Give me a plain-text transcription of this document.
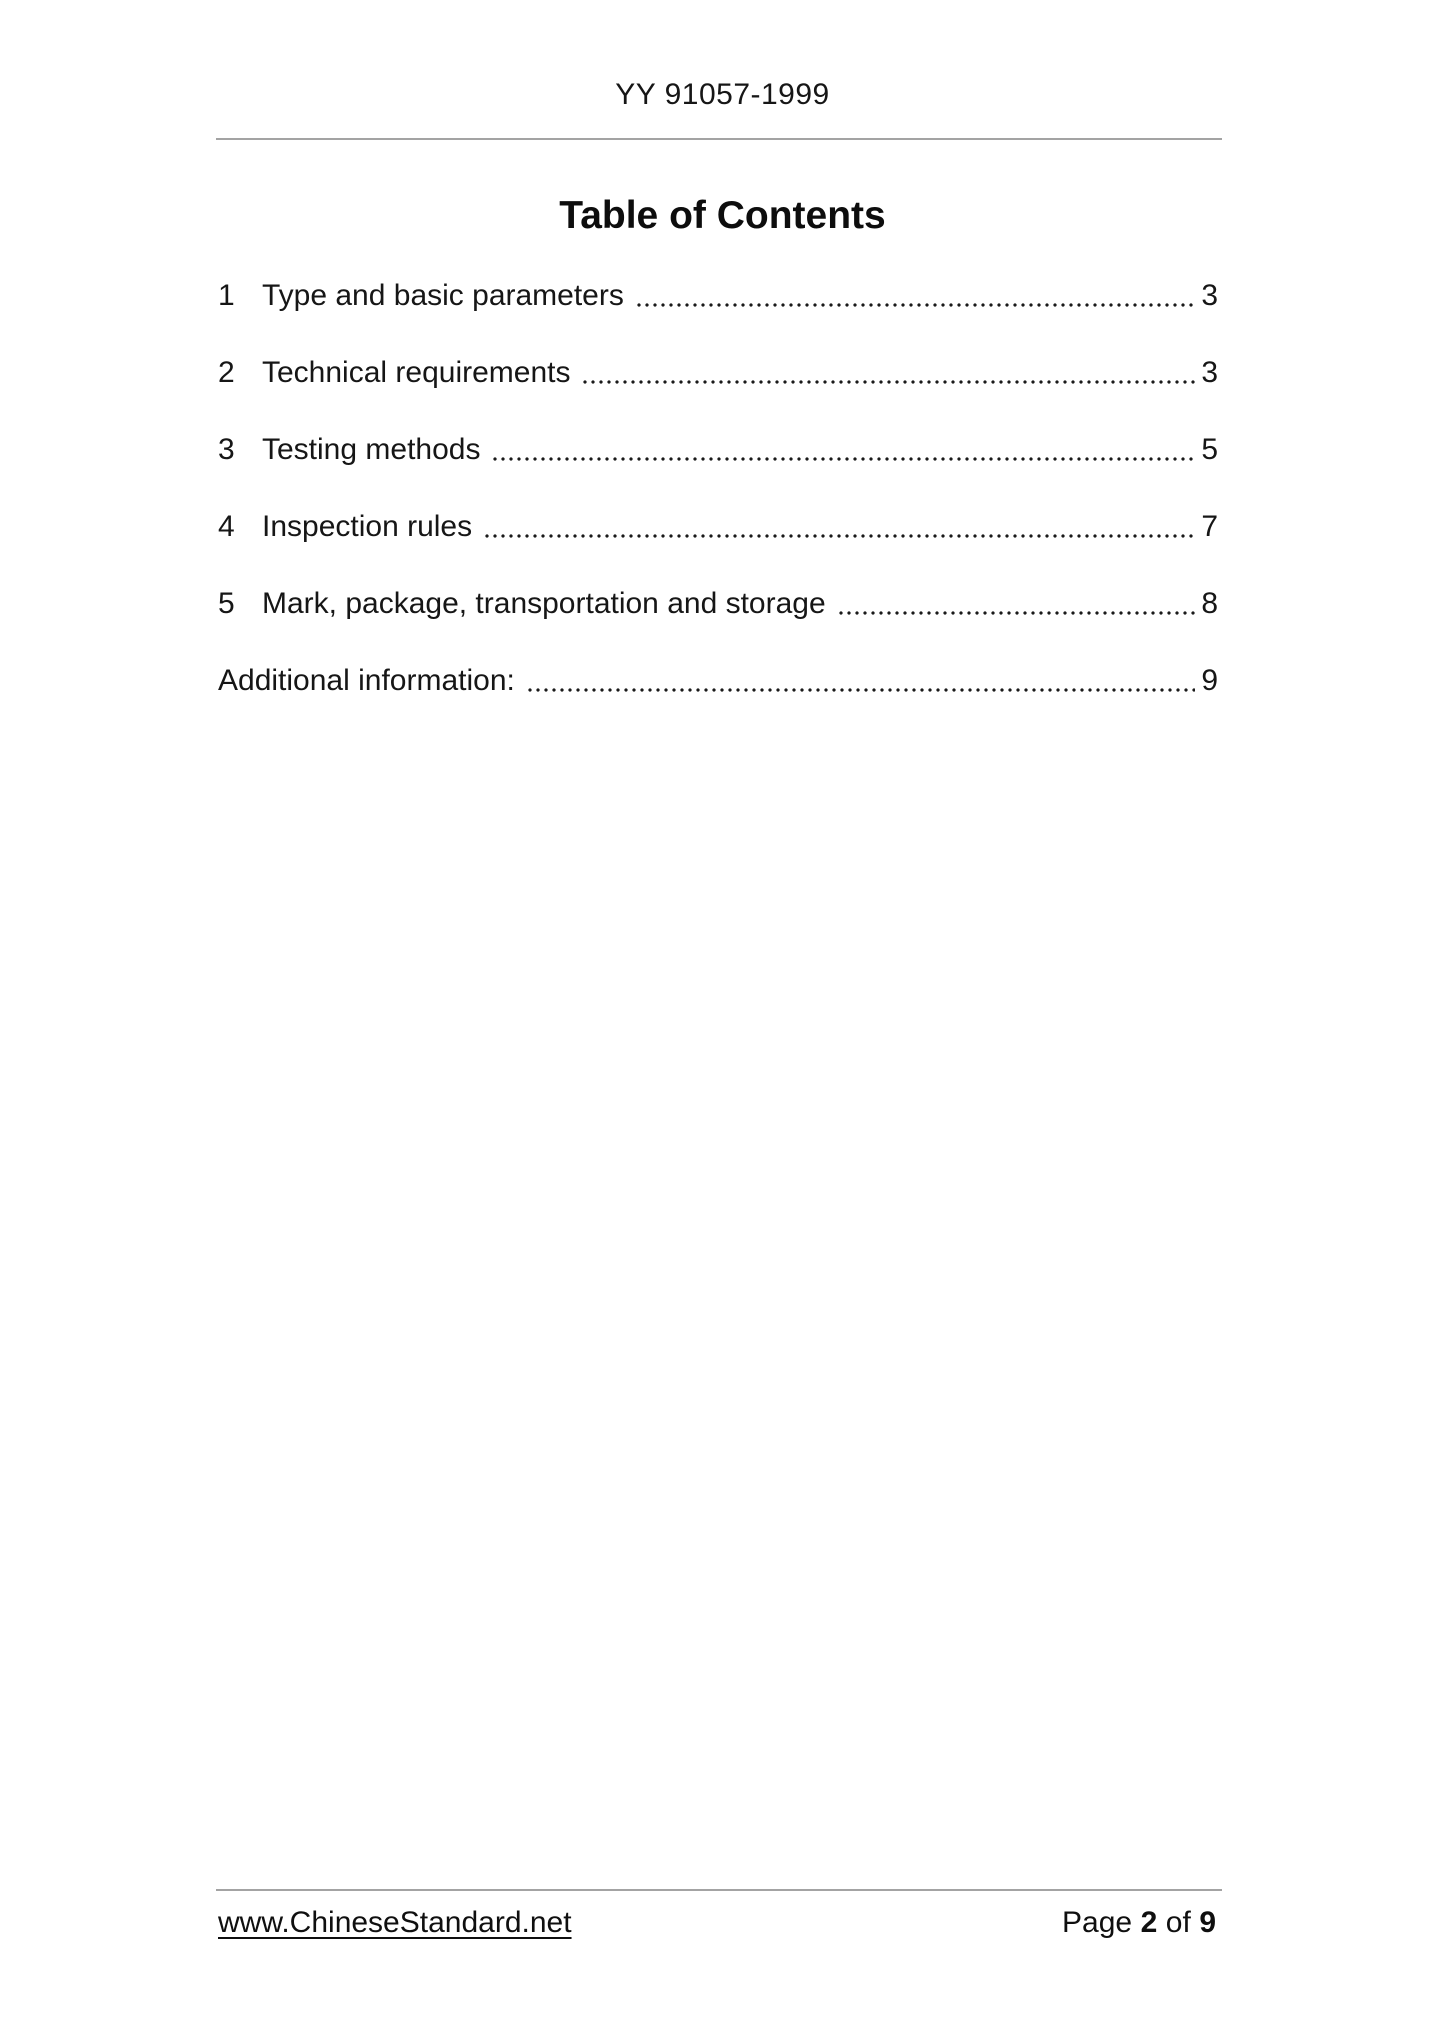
YY 91057-1999
Table of Contents
1 Type and basic parameters	3
2 Technical requirements	3
3 Testing methods	5
4 Inspection rules	7
5 Mark, package, transportation and storage	8
Additional information:	9
www.ChineseStandard.net	Page 2 of 9
